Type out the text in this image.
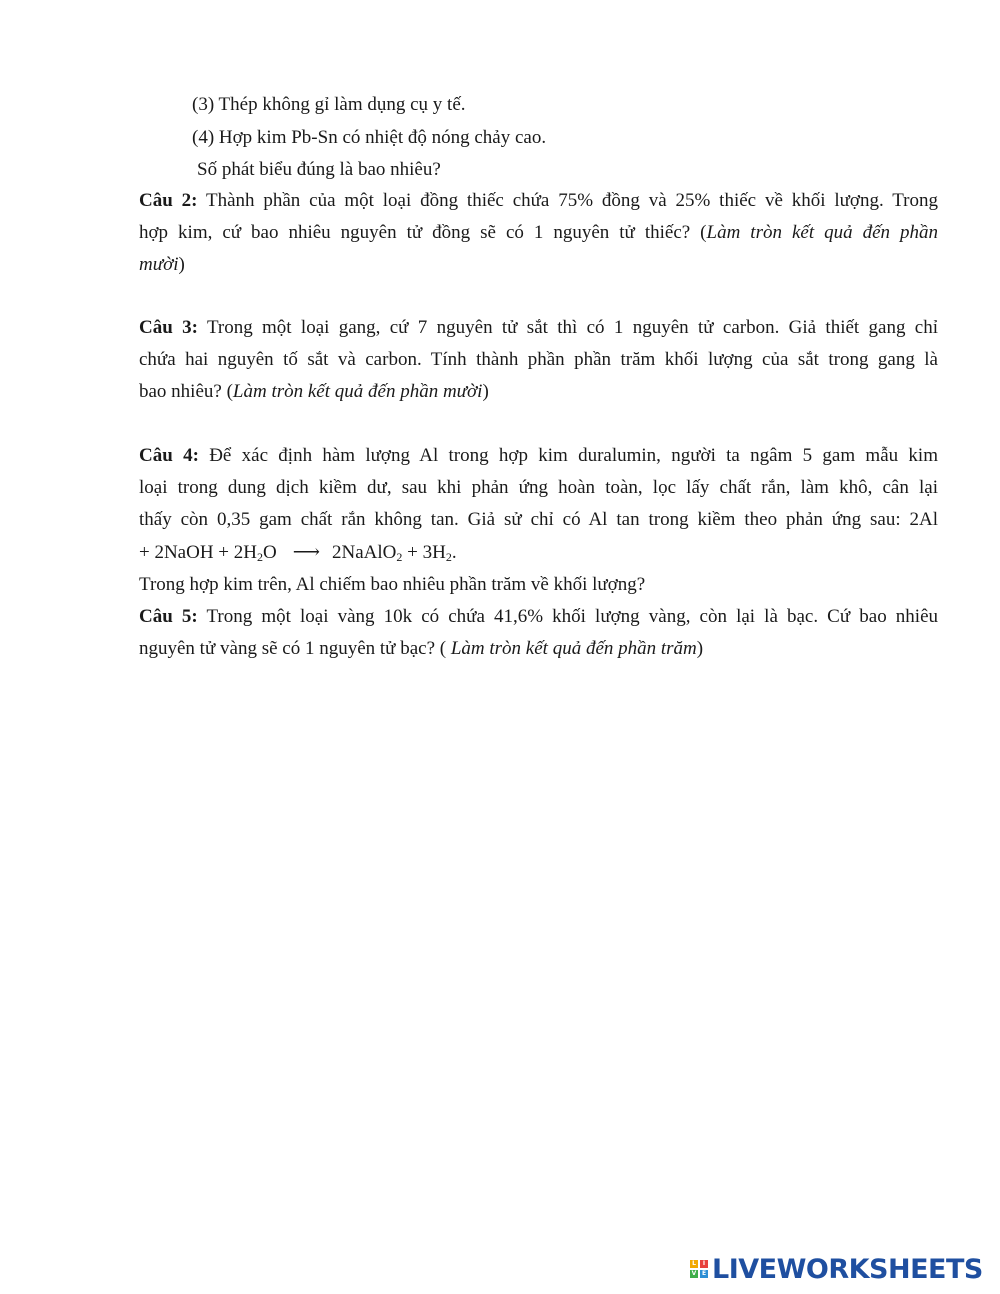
(3) Thép không gỉ làm dụng cụ y tế.
(4) Hợp kim Pb-Sn có nhiệt độ nóng chảy cao.
Số phát biểu đúng là bao nhiêu?
Câu 2: Thành phần của một loại đồng thiếc chứa 75% đồng và 25% thiếc về khối lượng. Trong
hợp kim, cứ bao nhiêu nguyên tử đồng sẽ có 1 nguyên tử thiếc? (Làm tròn kết quả đến phần
mười)
Câu 3: Trong một loại gang, cứ 7 nguyên tử sắt thì có 1 nguyên tử carbon. Giả thiết gang chỉ
chứa hai nguyên tố sắt và carbon. Tính thành phần phần trăm khối lượng của sắt trong gang là
bao nhiêu? (Làm tròn kết quả đến phần mười)
Câu 4: Để xác định hàm lượng Al trong hợp kim duralumin, người ta ngâm 5 gam mẫu kim
loại trong dung dịch kiềm dư, sau khi phản ứng hoàn toàn, lọc lấy chất rắn, làm khô, cân lại
thấy còn 0,35 gam chất rắn không tan. Giả sử chỉ có Al tan trong kiềm theo phản ứng sau: 2Al
+ 2NaOH + $2H_2O$ ⟶ 2NaAlO$_2$ + $3H_2$.
Trong hợp kim trên, Al chiếm bao nhiêu phần trăm về khối lượng?
Câu 5: Trong một loại vàng 10k có chứa 41,6% khối lượng vàng, còn lại là bạc. Cứ bao nhiêu
nguyên tử vàng sẽ có 1 nguyên tử bạc? ( Làm tròn kết quả đến phần trăm)
L	I
V E LIVEWORKSHEETS
